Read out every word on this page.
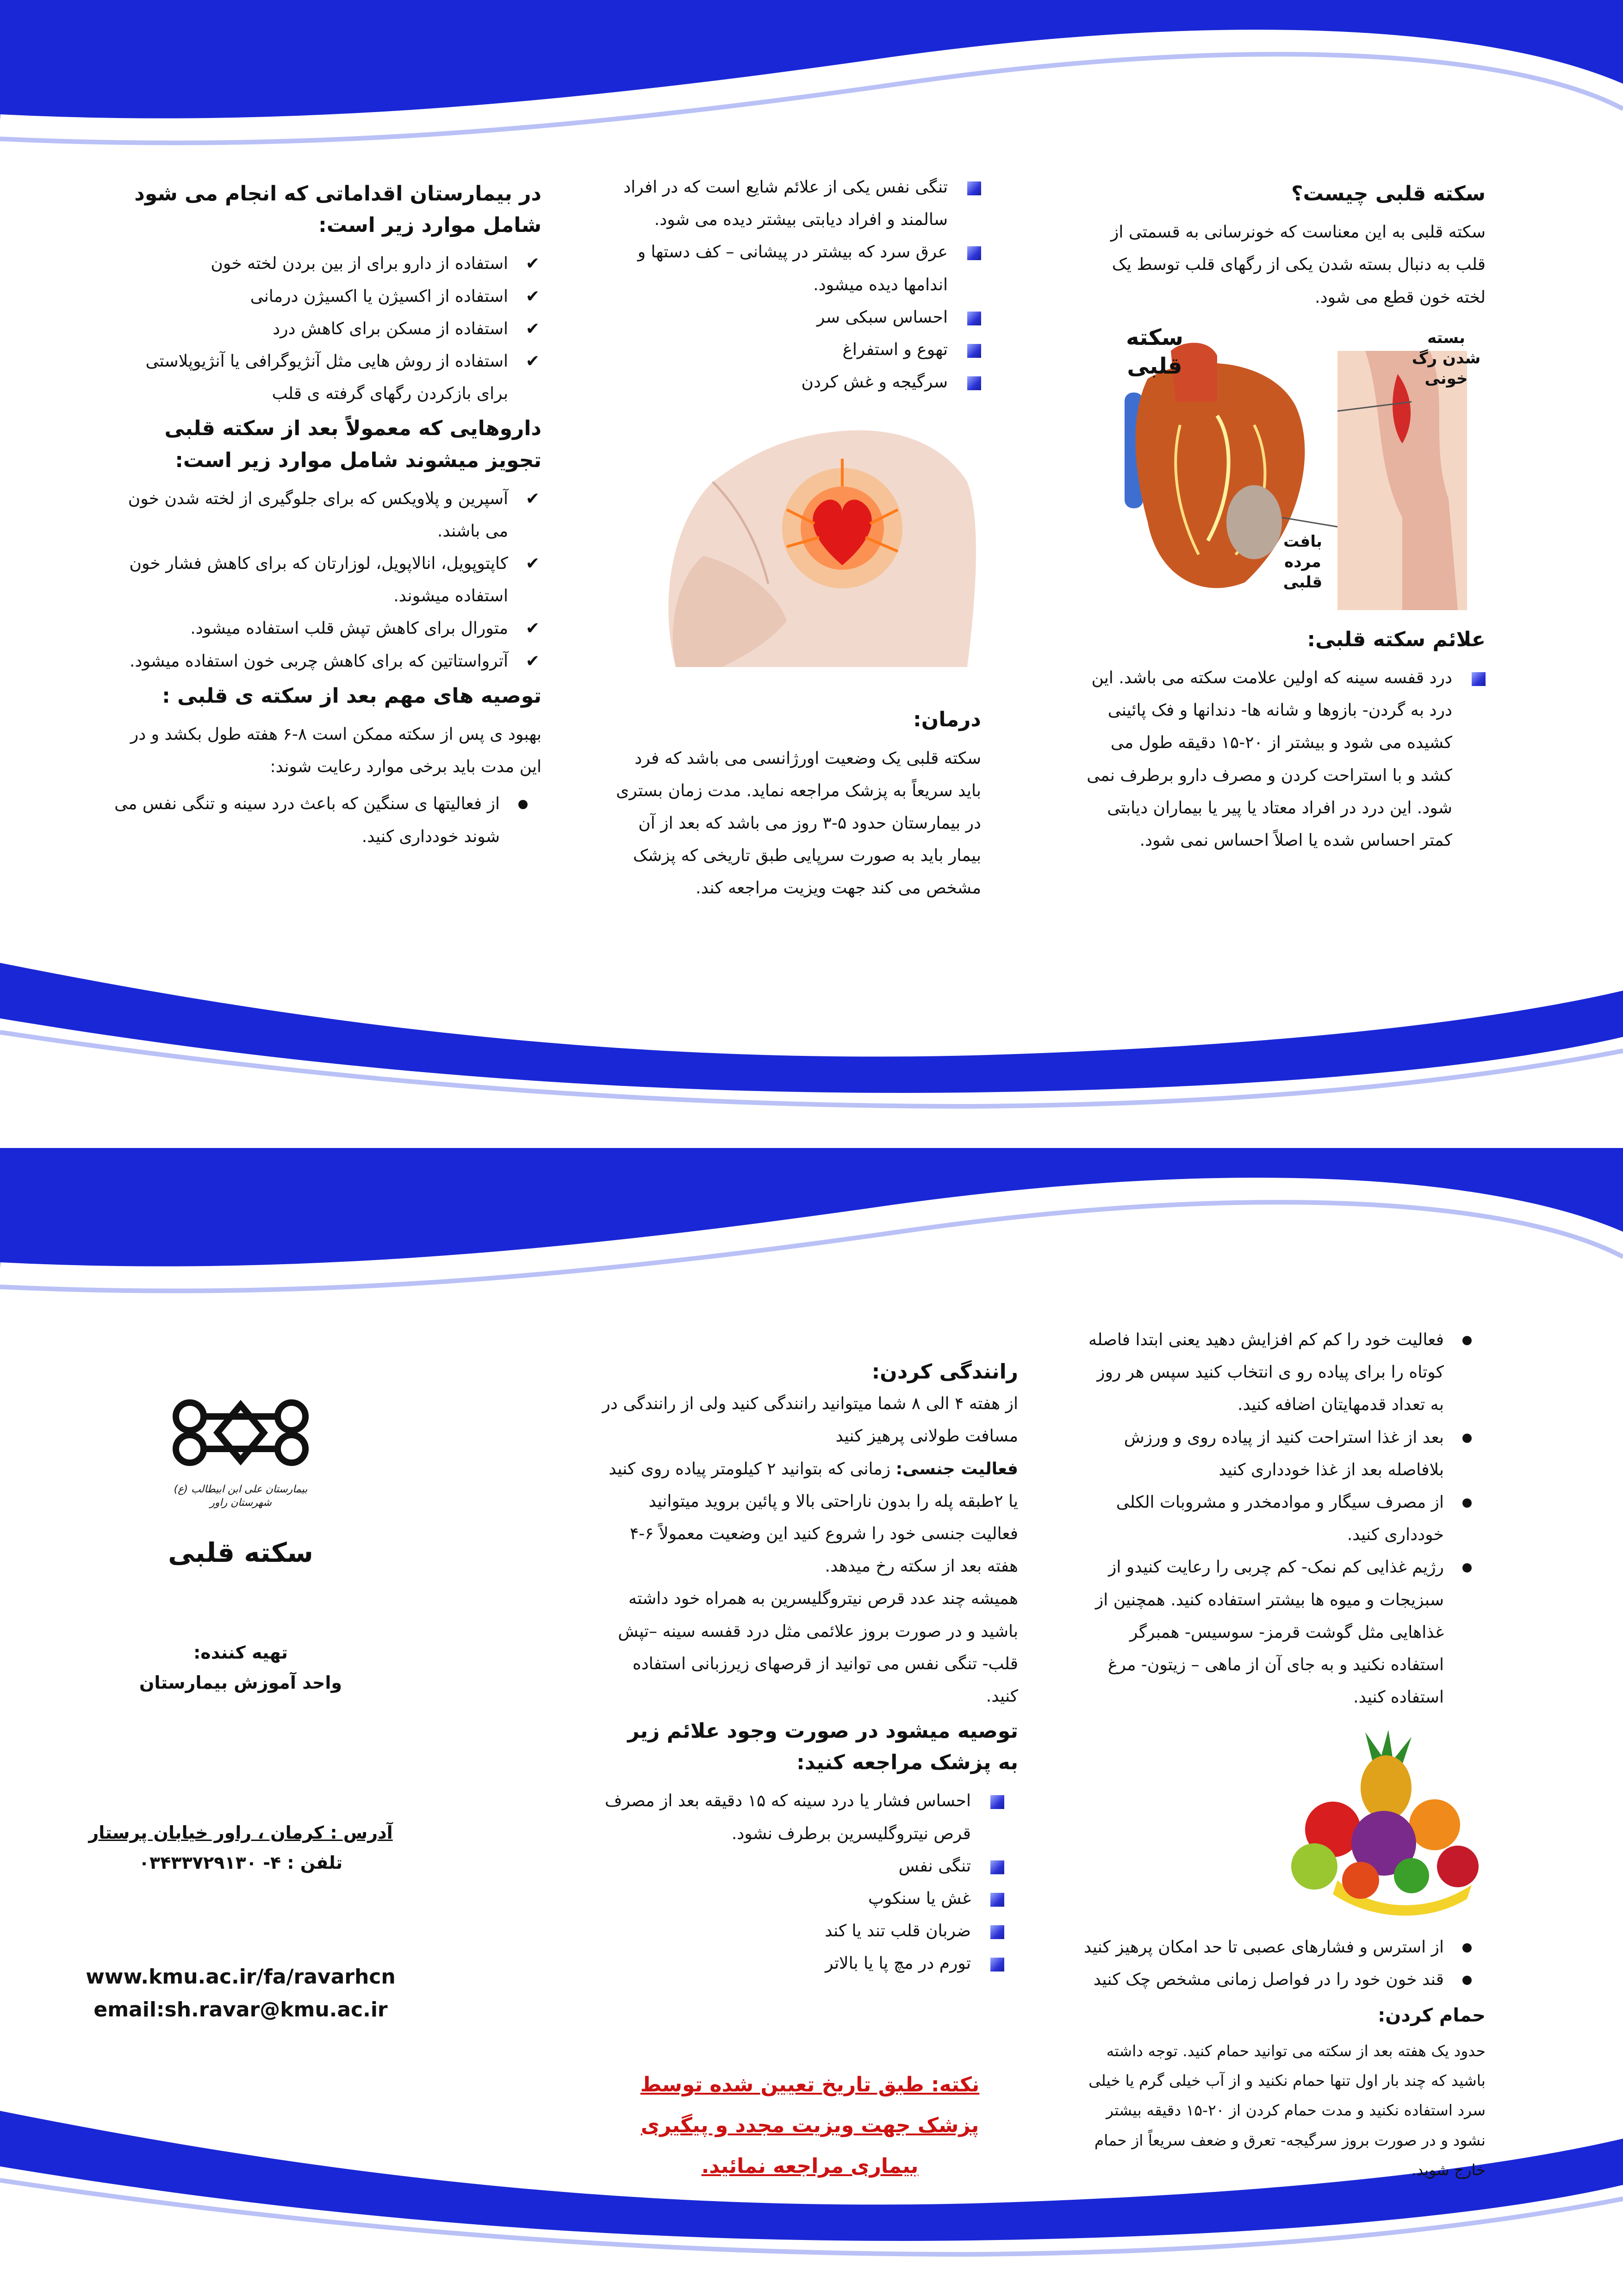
سکته قلبی چیست؟

سکته قلبی به این معناست که خونرسانی به قسمتی از قلب به دنبال بسته شدن یکی از رگهای قلب توسط یک لخته خون قطع می شود.

سکته قلبی
بسته شدن رگ خونی
بافت مرده قلبی
علائم سکته قلبی:
درد قفسه سینه که اولین علامت سکته می باشد. این درد به گردن- بازوها و شانه ها- دندانها و فک پائینی کشیده می شود و بیشتر از ۲۰-۱۵ دقیقه طول می کشد و با استراحت کردن و مصرف دارو برطرف نمی شود. این درد در افراد معتاد یا پیر یا بیماران دیابتی کمتر احساس شده یا اصلاً احساس نمی شود.
تنگی نفس یکی از علائم شایع است که در افراد سالمند و افراد دیابتی بیشتر دیده می شود.
عرق سرد که بیشتر در پیشانی – کف دستها و اندامها دیده میشود.
احساس سبکی سر
تهوع و استفراغ
سرگیجه و غش کردن
درمان:

سکته قلبی یک وضعیت اورژانسی می باشد که فرد باید سریعاً به پزشک مراجعه نماید. مدت زمان بستری در بیمارستان حدود ۵-۳ روز می باشد که بعد از آن بیمار باید به صورت سرپایی طبق تاریخی که پزشک مشخص می کند جهت ویزیت مراجعه کند.

در بیمارستان اقداماتی که انجام می شود شامل موارد زیر است:
✔ استفاده از دارو برای از بین بردن لخته خون
✔ استفاده از اکسیژن یا اکسیژن درمانی
✔ استفاده از مسکن برای کاهش درد
✔ استفاده از روش هایی مثل آنژیوگرافی یا آنژیوپلاستی برای بازکردن رگهای گرفته ی قلب
داروهایی که معمولاً بعد از سکته قلبی تجویز میشوند شامل موارد زیر است:
✔ آسپرین و پلاویکس که برای جلوگیری از لخته شدن خون می باشند.
✔ کاپتوپویل، انالاپویل، لوزارتان که برای کاهش فشار خون استفاده میشوند.
✔ متورال برای کاهش تپش قلب استفاده میشود.
✔ آترواستاتین که برای کاهش چربی خون استفاده میشود.
توصیه های مهم بعد از سکته ی قلبی :

بهبود ی پس از سکته ممکن است ۸-۶ هفته طول بکشد و در این مدت باید برخی موارد رعایت شوند:

از فعالیتها ی سنگین که باعث درد سینه و تنگی نفس می شوند خودداری کنید.
فعالیت خود را کم کم افزایش دهید یعنی ابتدا فاصله کوتاه را برای پیاده رو ی انتخاب کنید سپس هر روز به تعداد قدمهایتان اضافه کنید.
بعد از غذا استراحت کنید از پیاده روی و ورزش بلافاصله بعد از غذا خودداری کنید
از مصرف سیگار و موادمخدر و مشروبات الکلی خودداری کنید.
رژیم غذایی کم نمک- کم چربی را رعایت کنیدو از سبزیجات و میوه ها بیشتر استفاده کنید. همچنین از غذاهایی مثل گوشت قرمز- سوسیس- همبرگر استفاده نکنید و به جای آن از ماهی – زیتون- مرغ استفاده کنید.
از استرس و فشارهای عصبی تا حد امکان پرهیز کنید
قند خون خود را در فواصل زمانی مشخص چک کنید
حمام کردن:

حدود یک هفته بعد از سکته می توانید حمام کنید. توجه داشته باشید که چند بار اول تنها حمام نکنید و از آب خیلی گرم یا خیلی سرد استفاده نکنید و مدت حمام کردن از ۲۰-۱۵ دقیقه بیشتر نشود و در صورت بروز سرگیجه- تعرق و ضعف سریعاً از حمام خارج شوید.

رانندگی کردن:

از هفته ۴ الی ۸ شما میتوانید رانندگی کنید ولی از رانندگی در مسافت طولانی پرهیز کنید

فعالیت جنسی: زمانی که بتوانید ۲ کیلومتر پیاده روی کنید یا ۲طبقه پله را بدون ناراحتی بالا و پائین بروید میتوانید فعالیت جنسی خود را شروع کنید این وضعیت معمولاً ۶-۴ هفته بعد از سکته رخ میدهد.

همیشه چند عدد قرص نیتروگلیسرین به همراه خود داشته باشید و در صورت بروز علائمی مثل درد قفسه سینه –تپش قلب- تنگی نفس می توانید از قرصهای زیرزبانی استفاده کنید.

توصیه میشود در صورت وجود علائم زیر به پزشک مراجعه کنید:
احساس فشار یا درد سینه که ۱۵ دقیقه بعد از مصرف قرص نیتروگلیسرین برطرف نشود.
تنگی نفس
غش یا سنکوپ
ضربان قلب تند یا کند
تورم در مچ پا یا بالاتر
نکته: طبق تاریخ تعیین شده توسط پزشک جهت ویزیت مجدد و پیگیری بیماری مراجعه نمائید.
بیمارستان علی ابن ابیطالب (ع) شهرستان راور
سکته قلبی
تهیه کننده:
واحد آموزش بیمارستان
آدرس : کرمان ، راور خیابان پرستار
تلفن : ۴- ۰۳۴۳۳۷۲۹۱۳۰
www.kmu.ac.ir/fa/ravarhcn
email:sh.ravar@kmu.ac.ir
